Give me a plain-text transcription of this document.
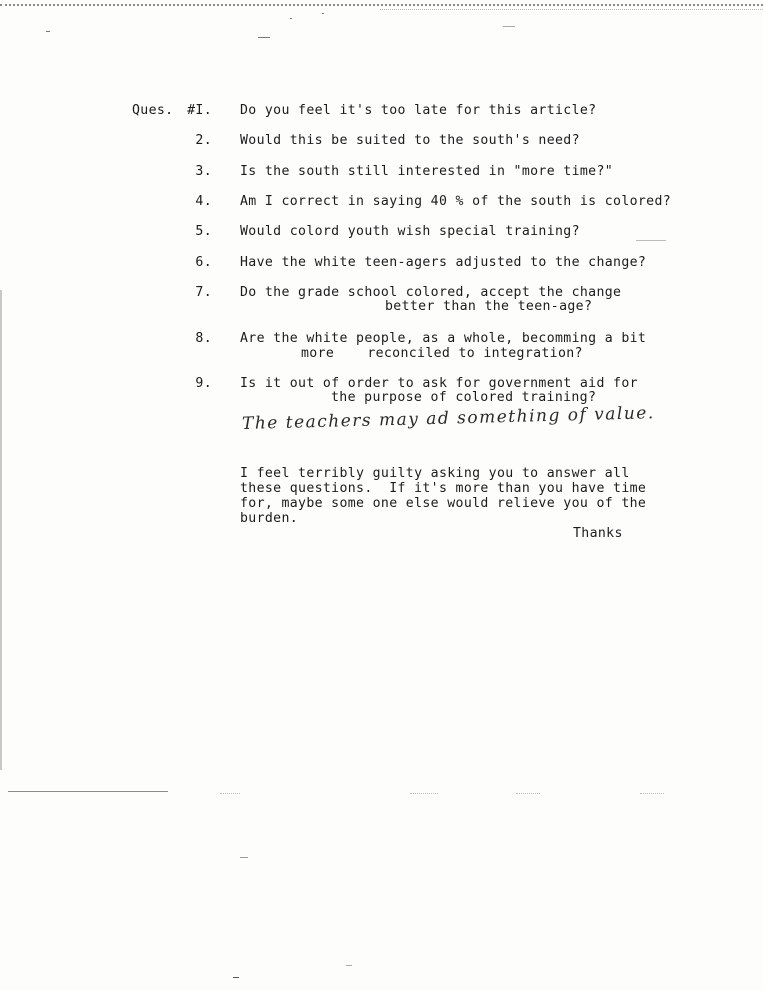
Ques.	#I.
2.
3.
4.
5.
6.
7.
8.
9.
Do you feel it's too late for this article?
Would this be suited to the south's need?
Is the south still interested in "more time?"
Am I correct in saying 40 % of the south is colored?
Would colord youth wish special training?
Have the white teen-agers adjusted to the change?
Do the grade school colored, accept the change
Are the white people, as a whole, becomming a bit
Is it out of order to ask for government aid for
better than the teen-age?
more    reconciled to integration?
the purpose of colored training?
The teachers may ad something of value.
I feel terribly guilty asking you to answer all
these questions.  If it's more than you have time
for, maybe some one else would relieve you of the
burden.
Thanks
